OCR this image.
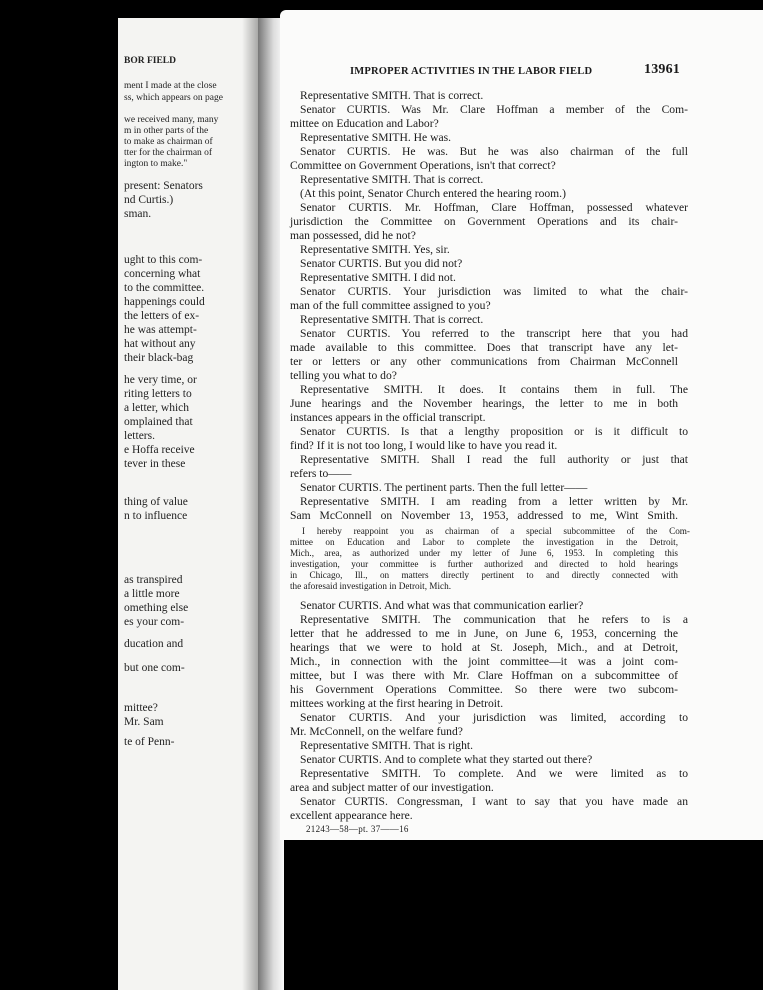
BOR FIELD
ment I made at the close
ss, which appears on page
we received many, many
m in other parts of the
to make as chairman of
tter for the chairman of
ington to make."
present: Senators
nd Curtis.)
sman.
ught to this com-
concerning what
to the committee.
happenings could
the letters of ex-
he was attempt-
hat without any
their black-bag
he very time, or
riting letters to
a letter, which
omplained that
letters.
e Hoffa receive
tever in these
thing of value
n to influence
as transpired
a little more
omething else
es your com-
ducation and
but one com-
mittee?
Mr. Sam
te of Penn-
IMPROPER ACTIVITIES IN THE LABOR FIELD	13961
Representative SMITH. That is correct.
Senator CURTIS. Was Mr. Clare Hoffman a member of the Com-
mittee on Education and Labor?
Representative SMITH. He was.
Senator CURTIS. He was. But he was also chairman of the full
Committee on Government Operations, isn't that correct?
Representative SMITH. That is correct.
(At this point, Senator Church entered the hearing room.)
Senator CURTIS. Mr. Hoffman, Clare Hoffman, possessed whatever
jurisdiction the Committee on Government Operations and its chair-
man possessed, did he not?
Representative SMITH. Yes, sir.
Senator CURTIS. But you did not?
Representative SMITH. I did not.
Senator CURTIS. Your jurisdiction was limited to what the chair-
man of the full committee assigned to you?
Representative SMITH. That is correct.
Senator CURTIS. You referred to the transcript here that you had
made available to this committee. Does that transcript have any let-
ter or letters or any other communications from Chairman McConnell
telling you what to do?
Representative SMITH. It does. It contains them in full. The
June hearings and the November hearings, the letter to me in both
instances appears in the official transcript.
Senator CURTIS. Is that a lengthy proposition or is it difficult to
find? If it is not too long, I would like to have you read it.
Representative SMITH. Shall I read the full authority or just that
refers to——
Senator CURTIS. The pertinent parts. Then the full letter——
Representative SMITH. I am reading from a letter written by Mr.
Sam McConnell on November 13, 1953, addressed to me, Wint Smith.
I hereby reappoint you as chairman of a special subcommittee of the Com-
mittee on Education and Labor to complete the investigation in the Detroit,
Mich., area, as authorized under my letter of June 6, 1953. In completing this
investigation, your committee is further authorized and directed to hold hearings
in Chicago, Ill., on matters directly pertinent to and directly connected with
the aforesaid investigation in Detroit, Mich.
Senator CURTIS. And what was that communication earlier?
Representative SMITH. The communication that he refers to is a
letter that he addressed to me in June, on June 6, 1953, concerning the
hearings that we were to hold at St. Joseph, Mich., and at Detroit,
Mich., in connection with the joint committee—it was a joint com-
mittee, but I was there with Mr. Clare Hoffman on a subcommittee of
his Government Operations Committee. So there were two subcom-
mittees working at the first hearing in Detroit.
Senator CURTIS. And your jurisdiction was limited, according to
Mr. McConnell, on the welfare fund?
Representative SMITH. That is right.
Senator CURTIS. And to complete what they started out there?
Representative SMITH. To complete. And we were limited as to
area and subject matter of our investigation.
Senator CURTIS. Congressman, I want to say that you have made an
excellent appearance here.
21243—58—pt. 37——16
